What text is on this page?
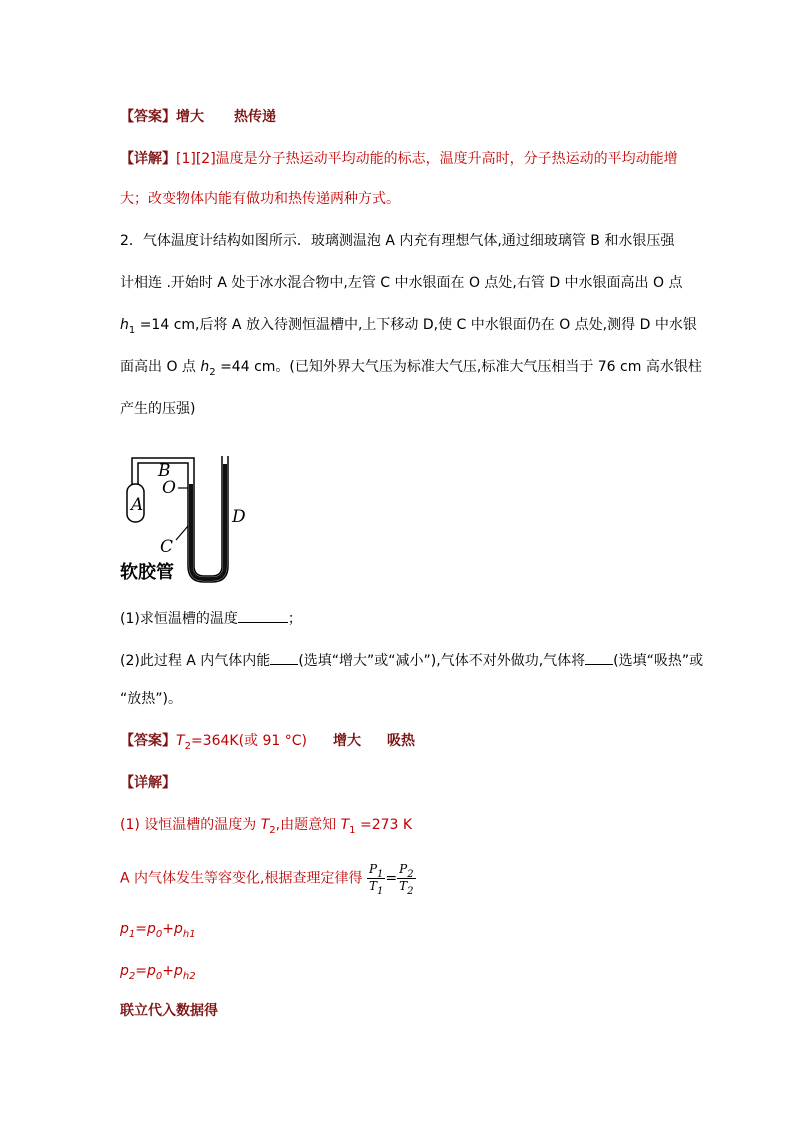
【答案】增大 热传递
【详解】[1][2]温度是分子热运动平均动能的标志，温度升高时，分子热运动的平均动能增
大；改变物体内能有做功和热传递两种方式。
2．气体温度计结构如图所示．玻璃测温泡 A 内充有理想气体,通过细玻璃管 B 和水银压强
计相连 .开始时 A 处于冰水混合物中,左管 C 中水银面在 O 点处,右管 D 中水银面高出 O 点
$h_1 =14$ cm,后将 A 放入待测恒温槽中,上下移动 D,使 C 中水银面仍在 O 点处,测得 D 中水银
面高出 O 点 $h_2 =44$ cm。(已知外界大气压为标准大气压,标准大气压相当于 76 cm 高水银柱
产生的压强)
A
B
O
C
D
软胶管
(1)求恒温槽的温度	；
(2)此过程 A 内气体内能 (选填“增大”或“减小”),气体不对外做功,气体将 (选填“吸热”或
“放热”)。
【答案】$T_2=364K$(或 91 °C) 增大 吸热
【详解】
(1) 设恒温槽的温度为 $T_2$,由题意知 $T_1 =273$ K
A 内气体发生等容变化,根据查理定律得 $\frac{P_1}{T_1} = \frac{P_2}{T_2}$
$p_1=p_0+p_{h1}$
$p_2=p_0+p_{h2}$
联立代入数据得
